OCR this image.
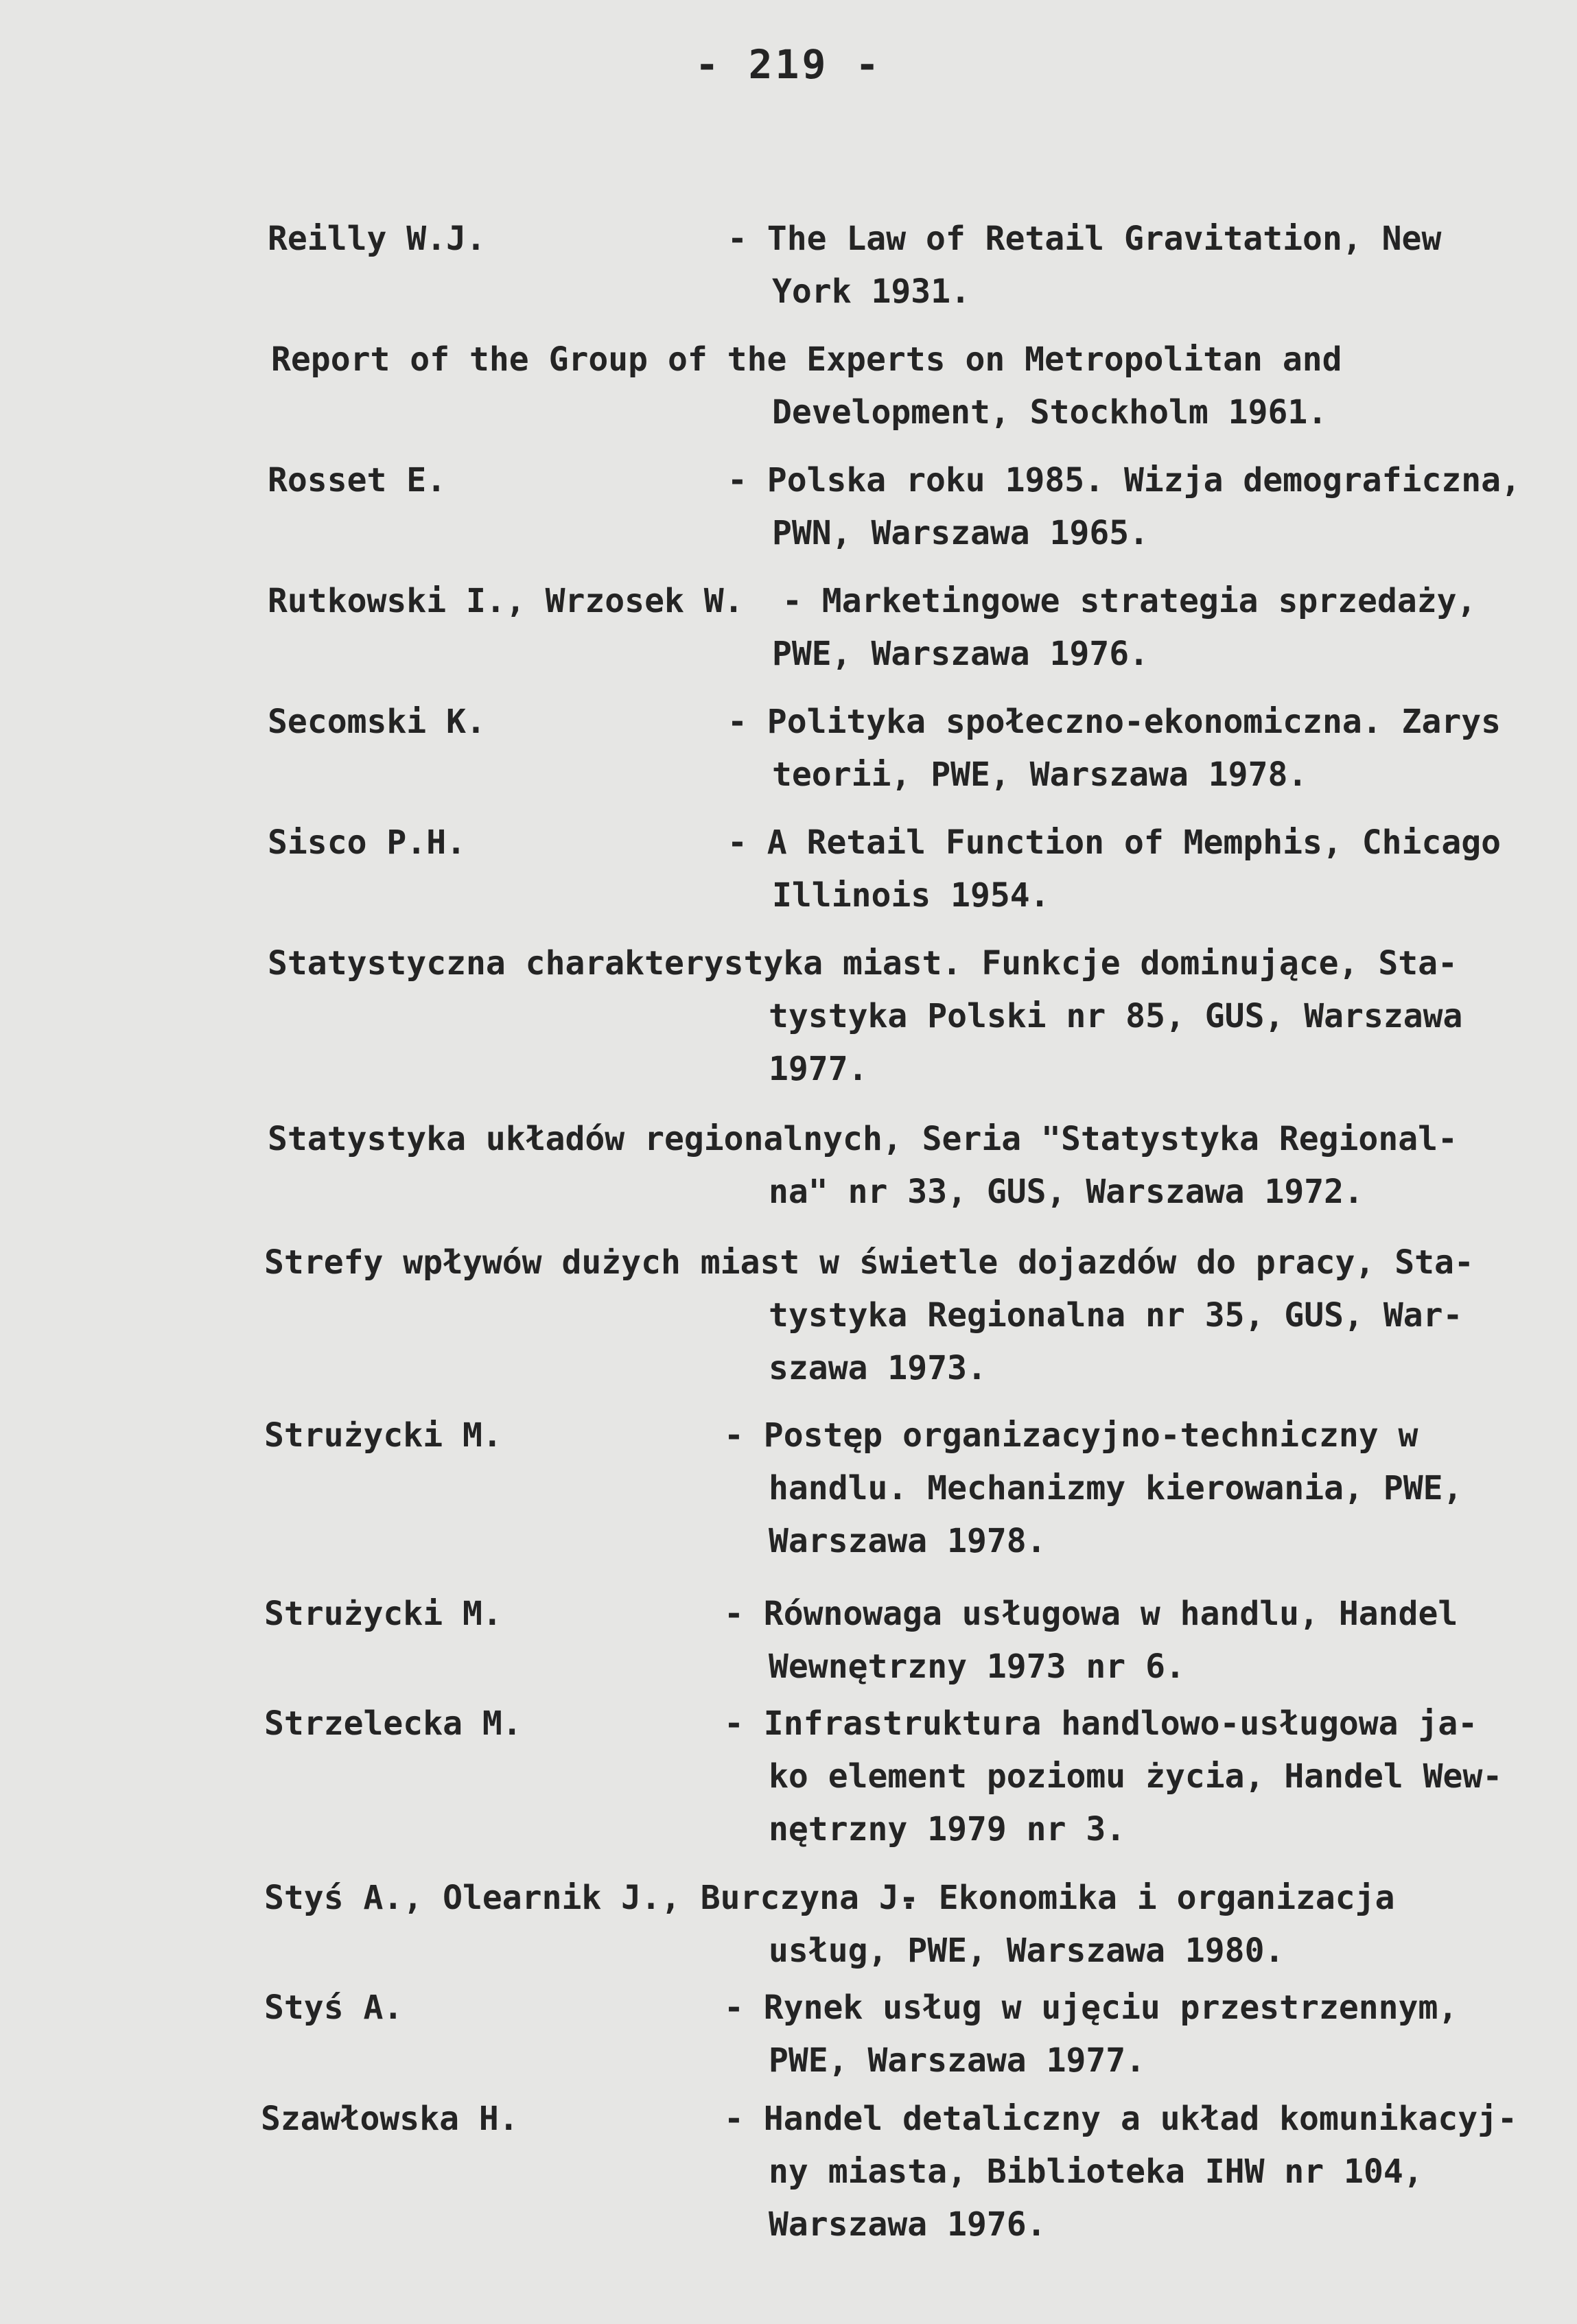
- 219 -
Reilly W.J.	- The Law of Retail Gravitation, New
York 1931.
Report of the Group of the Experts on Metropolitan and
Development, Stockholm 1961.
Rosset E.	- Polska roku 1985. Wizja demograficzna,
PWN, Warszawa 1965.
Rutkowski I., Wrzosek W. - Marketingowe strategia sprzedaży,
PWE, Warszawa 1976.
Secomski K.	- Polityka społeczno-ekonomiczna. Zarys
teorii, PWE, Warszawa 1978.
Sisco P.H.	- A Retail Function of Memphis, Chicago
Illinois 1954.
Statystyczna charakterystyka miast. Funkcje dominujące, Sta-
tystyka Polski nr 85, GUS, Warszawa
1977.
Statystyka układów regionalnych, Seria "Statystyka Regional-
na" nr 33, GUS, Warszawa 1972.
Strefy wpływów dużych miast w świetle dojazdów do pracy, Sta-
tystyka Regionalna nr 35, GUS, War-
szawa 1973.
Strużycki M.	- Postęp organizacyjno-techniczny w
handlu. Mechanizmy kierowania, PWE,
Warszawa 1978.
Strużycki M.	- Równowaga usługowa w handlu, Handel
Wewnętrzny 1973 nr 6.
Strzelecka M.	- Infrastruktura handlowo-usługowa ja-
ko element poziomu życia, Handel Wew-
nętrzny 1979 nr 3.
Styś A., Olearnik J., Burczyna J.
- Ekonomika i organizacja
usług, PWE, Warszawa 1980.
Styś A.	- Rynek usług w ujęciu przestrzennym,
PWE, Warszawa 1977.
Szawłowska H.	- Handel detaliczny a układ komunikacyj-
ny miasta, Biblioteka IHW nr 104,
Warszawa 1976.
